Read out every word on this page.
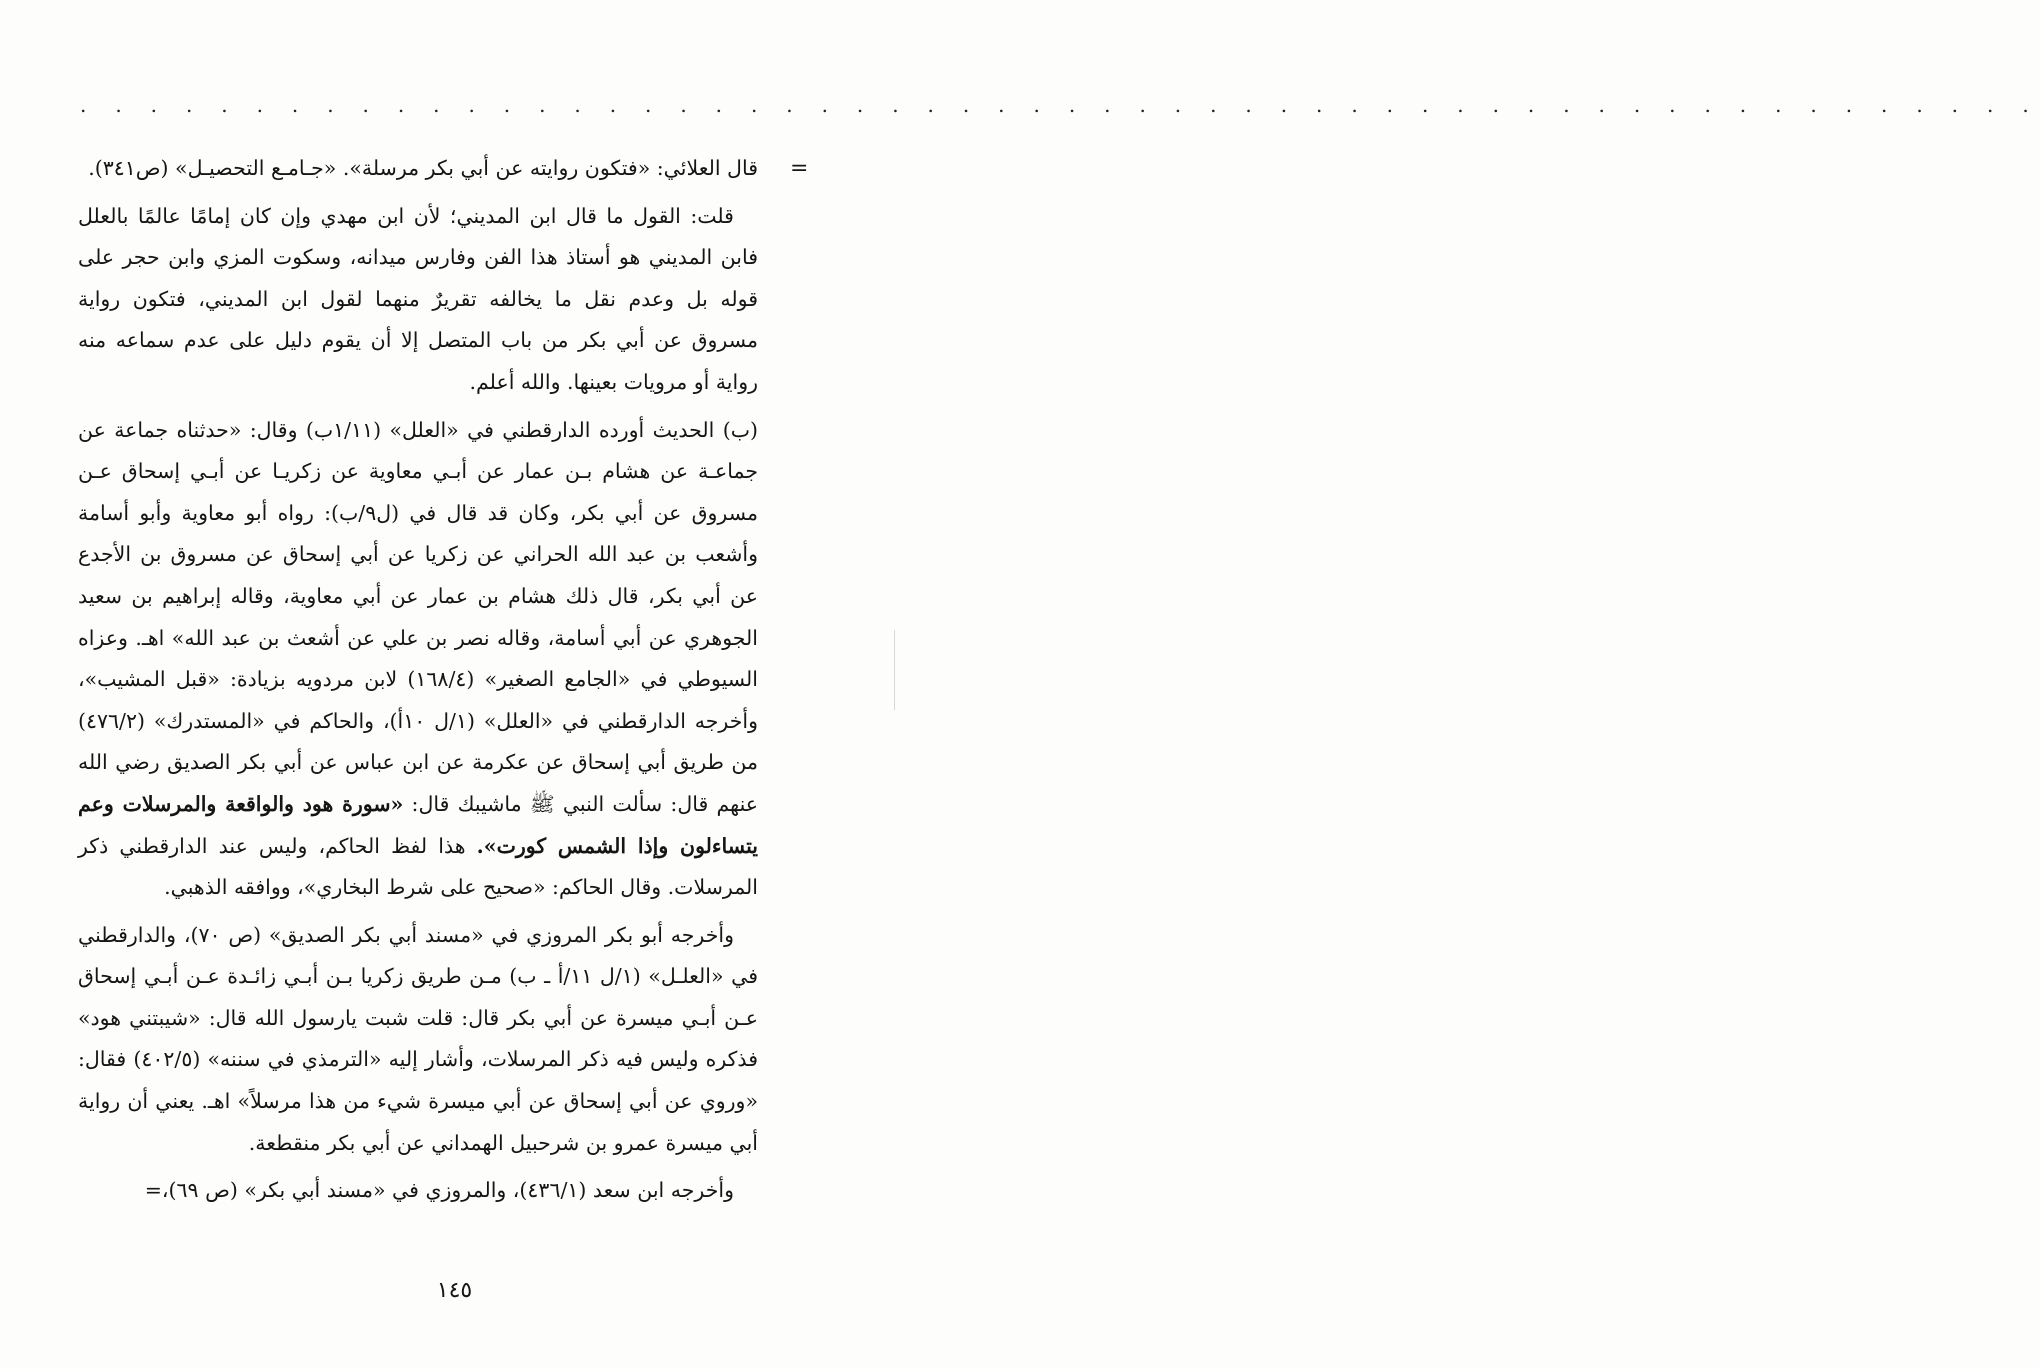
. . . . . . . . . . . . . . . . . . . . . . . . . . . . . . . . . . . . . . . . . . . . . . . . . . . . . . . .
=

قال العلائي: «فتكون روايته عن أبي بكر مرسلة». «جـامـع التحصيـل» (ص٣٤١).

قلت: القول ما قال ابن المديني؛ لأن ابن مهدي وإن كان إمامًا عالمًا بالعلل فابن المديني هو أستاذ هذا الفن وفارس ميدانه، وسكوت المزي وابن حجر على قوله بل وعدم نقل ما يخالفه تقريرٌ منهما لقول ابن المديني، فتكون رواية مسروق عن أبي بكر من باب المتصل إلا أن يقوم دليل على عدم سماعه منه رواية أو مرويات بعينها. والله أعلم.

(ب) الحديث أورده الدارقطني في «العلل» (١/١١ب) وقال: «حدثناه جماعة عن جماعـة عن هشام بـن عمار عن أبـي معاوية عن زكريـا عن أبـي إسحاق عـن مسروق عن أبي بكر، وكان قد قال في (ل٩/ب): رواه أبو معاوية وأبو أسامة وأشعب بن عبد الله الحراني عن زكريا عن أبي إسحاق عن مسروق بن الأجدع عن أبي بكر، قال ذلك هشام بن عمار عن أبي معاوية، وقاله إبراهيم بن سعيد الجوهري عن أبي أسامة، وقاله نصر بن علي عن أشعث بن عبد الله» اهـ. وعزاه السيوطي في «الجامع الصغير» (١٦٨/٤) لابن مردويه بزيادة: «قبل المشيب»، وأخرجه الدارقطني في «العلل» (١/ل ١٠أ)، والحاكم في «المستدرك» (٤٧٦/٢) من طريق أبي إسحاق عن عكرمة عن ابن عباس عن أبي بكر الصديق رضي الله عنهم قال: سألت النبي ﷺ ماشيبك قال: «سورة هود والواقعة والمرسلات وعم يتساءلون وإذا الشمس كورت». هذا لفظ الحاكم، وليس عند الدارقطني ذكر المرسلات. وقال الحاكم: «صحيح على شرط البخاري»، ووافقه الذهبي.

وأخرجه أبو بكر المروزي في «مسند أبي بكر الصديق» (ص ٧٠)، والدارقطني في «العلـل» (١/ل ١١/أ ـ ب) مـن طريق زكريا بـن أبـي زائـدة عـن أبـي إسحاق عـن أبـي ميسرة عن أبي بكر قال: قلت شبت يارسول الله قال: «شيبتني هود» فذكره وليس فيه ذكر المرسلات، وأشار إليه «الترمذي في سننه» (٤٠٢/٥) فقال: «وروي عن أبي إسحاق عن أبي ميسرة شيء من هذا مرسلاً» اهـ. يعني أن رواية أبي ميسرة عمرو بن شرحبيل الهمداني عن أبي بكر منقطعة.

وأخرجه ابن سعد (٤٣٦/١)، والمروزي في «مسند أبي بكر» (ص ٦٩)،=

١٤٥
